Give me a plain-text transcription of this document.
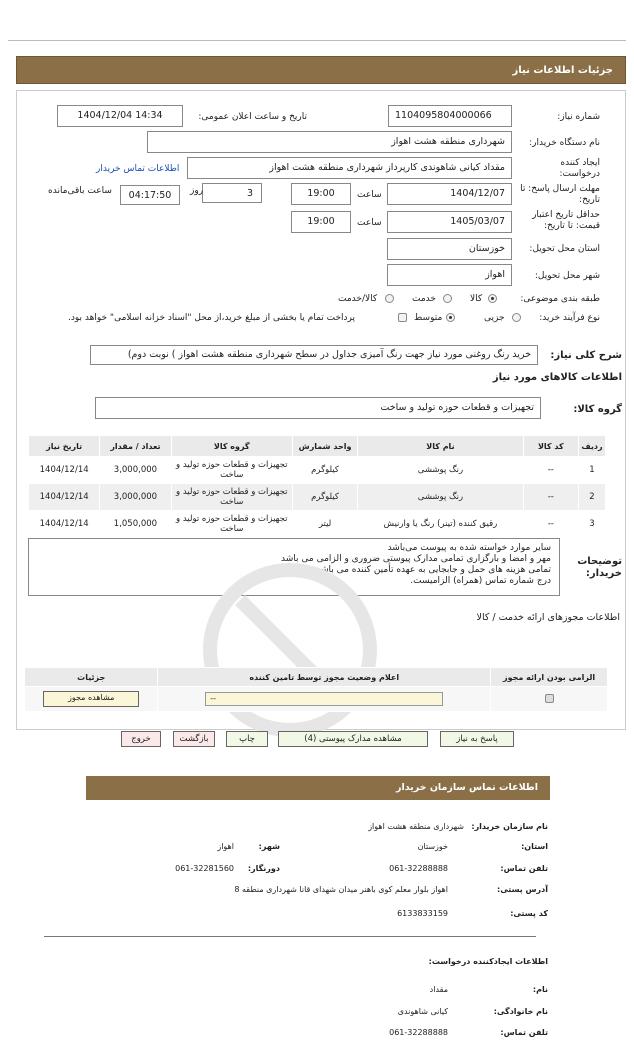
جزئیات اطلاعات نیاز
شماره نیاز:
1104095804000066
تاریخ و ساعت اعلان عمومی:
1404/12/04 14:34
نام دستگاه خریدار:
شهرداری منطقه هشت اهواز
ایجاد کننده درخواست:
مقداد کیانی شاهوندی کارپرداز شهرداری منطقه هشت اهواز
اطلاعات تماس خریدار
مهلت ارسال پاسخ: تا تاریخ:
1404/12/07
ساعت
19:00
3
روز
04:17:50
ساعت باقی‌مانده
حداقل تاریخ اعتبار قیمت: تا تاریخ:
1405/03/07
ساعت
19:00
استان محل تحویل:
خوزستان
شهر محل تحویل:
اهواز
طبقه بندی موضوعی:
کالا
خدمت
کالا/خدمت
نوع فرآیند خرید:
جزیی
متوسط
پرداخت تمام یا بخشی از مبلغ خرید،از محل "اسناد خزانه اسلامی" خواهد بود.
شرح کلی نیاز:
خرید رنگ روغنی مورد نیاز جهت رنگ آمیزی جداول در سطح شهرداری منطقه هشت اهواز ) نوبت دوم)
اطلاعات کالاهای مورد نیاز
گروه کالا:
تجهیزات و قطعات حوزه تولید و ساخت
ردیف	کد کالا	نام کالا	واحد شمارش	گروه کالا	تعداد / مقدار	تاریخ نیاز
1	--	رنگ پوششی	کیلوگرم	تجهیزات و قطعات حوزه تولید و ساخت	3,000,000	1404/12/14
2	--	رنگ پوششی	کیلوگرم	تجهیزات و قطعات حوزه تولید و ساخت	3,000,000	1404/12/14
3	--	رقیق کننده (تینر) رنگ یا وارنیش	لیتر	تجهیزات و قطعات حوزه تولید و ساخت	1,050,000	1404/12/14
توضیحات خریدار:
سایر موارد خواسته شده به پیوست می‌باشد
مهر و امضا و بارگزاری تمامی مدارک پیوستی ضروری و الزامی می باشد
تمامی هزینه های حمل و جابجایی به عهده تأمین کننده می باشد.
درج شماره تماس (همراه) الزامیست.
اطلاعات مجوزهای ارائه خدمت / کالا
الزامی بودن ارائه مجوز	اعلام وضعیت مجوز توسط تامین کننده	جزئیات
	--	مشاهده مجوز
پاسخ به نیاز
مشاهده مدارک پیوستی (4)
چاپ
بازگشت
خروج
اطلاعات تماس سازمان خریدار
نام سازمان خریدار:
شهرداری منطقه هشت اهواز
استان:
خوزستان
شهر:
اهواز
تلفن تماس:
061-32288888
دورنگار:
061-32281560
آدرس پستی:
اهواز بلوار معلم کوی باهنر میدان شهدای قانا شهرداری منطقه 8
کد پستی:
6133833159
اطلاعات ایجادکننده درخواست:
نام:
مقداد
نام خانوادگی:
کیانی شاهوندی
تلفن تماس:
061-32288888
